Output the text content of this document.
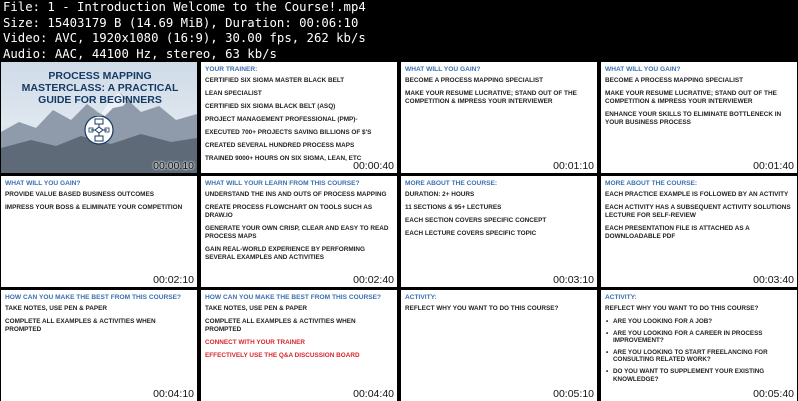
File: 1 - Introduction Welcome to the Course!.mp4
Size: 15403179 B (14.69 MiB), Duration: 00:06:10
Video: AVC, 1920x1080 (16:9), 30.00 fps, 262 kb/s
Audio: AAC, 44100 Hz, stereo, 63 kb/s
PROCESS MAPPING
MASTERCLASS: A PRACTICAL
GUIDE FOR BEGINNERS
00:00:10
YOUR TRAINER:
CERTIFIED SIX SIGMA MASTER BLACK BELT
LEAN SPECIALIST
CERTIFIED SIX SIGMA BLACK BELT (ASQ)
PROJECT MANAGEMENT PROFESSIONAL (PMP)-
EXECUTED 700+ PROJECTS SAVING BILLIONS OF $'S
CREATED SEVERAL HUNDRED PROCESS MAPS
TRAINED 9000+ HOURS ON SIX SIGMA, LEAN, ETC
00:00:40
WHAT WILL YOU GAIN?
BECOME A PROCESS MAPPING SPECIALIST
MAKE YOUR RESUME LUCRATIVE; STAND OUT OF THE COMPETITION & IMPRESS YOUR INTERVIEWER
00:01:10
WHAT WILL YOU GAIN?
BECOME A PROCESS MAPPING SPECIALIST
MAKE YOUR RESUME LUCRATIVE; STAND OUT OF THE COMPETITION & IMPRESS YOUR INTERVIEWER
ENHANCE YOUR SKILLS TO ELIMINATE BOTTLENECK IN YOUR BUSINESS PROCESS
00:01:40
WHAT WILL YOU GAIN?
PROVIDE VALUE BASED BUSINESS OUTCOMES
IMPRESS YOUR BOSS & ELIMINATE YOUR COMPETITION
00:02:10
WHAT WILL YOUR LEARN FROM THIS COURSE?
UNDERSTAND THE INS AND OUTS OF PROCESS MAPPING
CREATE PROCESS FLOWCHART ON TOOLS SUCH AS DRAW.IO
GENERATE YOUR OWN CRISP, CLEAR AND EASY TO READ PROCESS MAPS
GAIN REAL-WORLD EXPERIENCE BY PERFORMING SEVERAL EXAMPLES AND ACTIVITIES
00:02:40
MORE ABOUT THE COURSE:
DURATION: 2+ HOURS
11 SECTIONS & 95+ LECTURES
EACH SECTION COVERS SPECIFIC CONCEPT
EACH LECTURE COVERS SPECIFIC TOPIC
00:03:10
MORE ABOUT THE COURSE:
EACH PRACTICE EXAMPLE IS FOLLOWED BY AN ACTIVITY
EACH ACTIVITY HAS A SUBSEQUENT ACTIVITY SOLUTIONS LECTURE FOR SELF-REVIEW
EACH PRESENTATION FILE IS ATTACHED AS A DOWNLOADABLE PDF
00:03:40
HOW CAN YOU MAKE THE BEST FROM THIS COURSE?
TAKE NOTES, USE PEN & PAPER
COMPLETE ALL EXAMPLES & ACTIVITIES WHEN PROMPTED
00:04:10
HOW CAN YOU MAKE THE BEST FROM THIS COURSE?
TAKE NOTES, USE PEN & PAPER
COMPLETE ALL EXAMPLES & ACTIVITIES WHEN PROMPTED
CONNECT WITH YOUR TRAINER
EFFECTIVELY USE THE Q&A DISCUSSION BOARD
00:04:40
ACTIVITY:
REFLECT WHY YOU WANT TO DO THIS COURSE?
00:05:10
ACTIVITY:
REFLECT WHY YOU WANT TO DO THIS COURSE?
• ARE YOU LOOKING FOR A JOB?
• ARE YOU LOOKING FOR A CAREER IN PROCESS IMPROVEMENT?
• ARE YOU LOOKING TO START FREELANCING FOR CONSULTING RELATED WORK?
• DO YOU WANT TO SUPPLEMENT YOUR EXISTING KNOWLEDGE?
00:05:40
